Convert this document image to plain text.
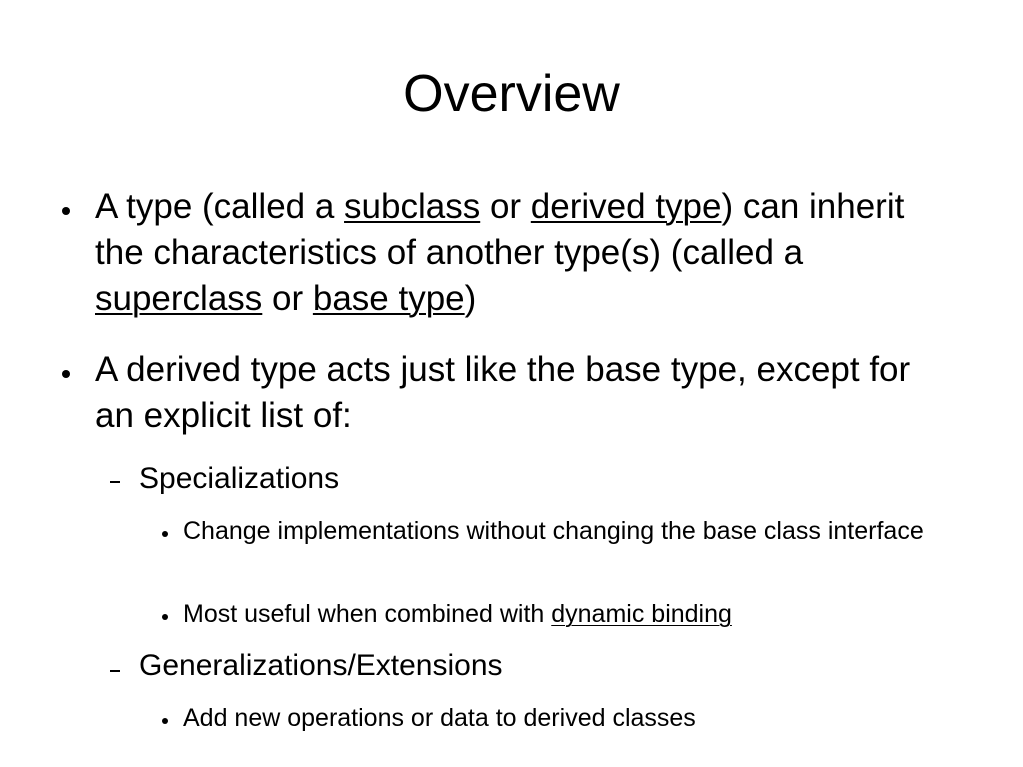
Overview

A type (called a subclass or derived type) can inherit the characteristics of another type(s) (called a superclass or base type)

A derived type acts just like the base type, except for an explicit list of:

Specializations

Change implementations without changing the base class interface

Most useful when combined with dynamic binding

Generalizations/Extensions

Add new operations or data to derived classes
